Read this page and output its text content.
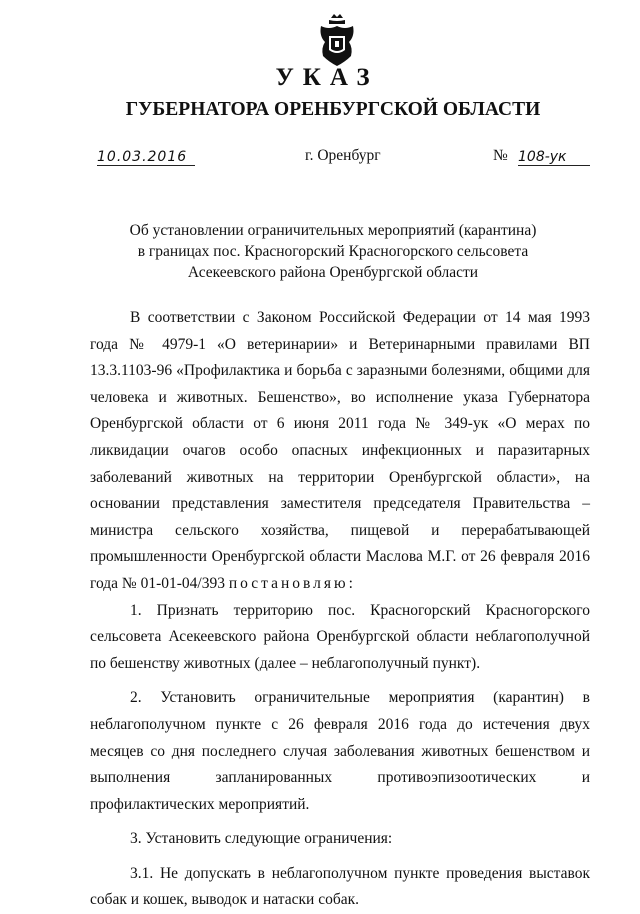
УКАЗ
ГУБЕРНАТОРА ОРЕНБУРГСКОЙ ОБЛАСТИ
10.03.2016	г. Оренбург	№ 108-ук
Об установлении ограничительных мероприятий (карантина)
в границах пос. Красногорский Красногорского сельсовета
Асекеевского района Оренбургской области

В соответствии с Законом Российской Федерации от 14 мая 1993 года № 4979-1 «О ветеринарии» и Ветеринарными правилами ВП 13.3.1103-96 «Профилактика и борьба с заразными болезнями, общими для человека и животных. Бешенство», во исполнение указа Губернатора Оренбургской области от 6 июня 2011 года № 349-ук «О мерах по ликвидации очагов особо опасных инфекционных и паразитарных заболеваний животных на территории Оренбургской области», на основании представления заместителя председателя Правительства – министра сельского хозяйства, пищевой и перерабатывающей промышленности Оренбургской области Маслова М.Г. от 26 февраля 2016 года № 01-01-04/393 постановляю:

1. Признать территорию пос. Красногорский Красногорского сельсовета Асекеевского района Оренбургской области неблагополучной по бешенству животных (далее – неблагополучный пункт).

2. Установить ограничительные мероприятия (карантин) в неблагополучном пункте с 26 февраля 2016 года до истечения двух месяцев со дня последнего случая заболевания животных бешенством и выполнения запланированных противоэпизоотических и профилактических мероприятий.

3. Установить следующие ограничения:

3.1. Не допускать в неблагополучном пункте проведения выставок собак и кошек, выводок и натаски собак.
